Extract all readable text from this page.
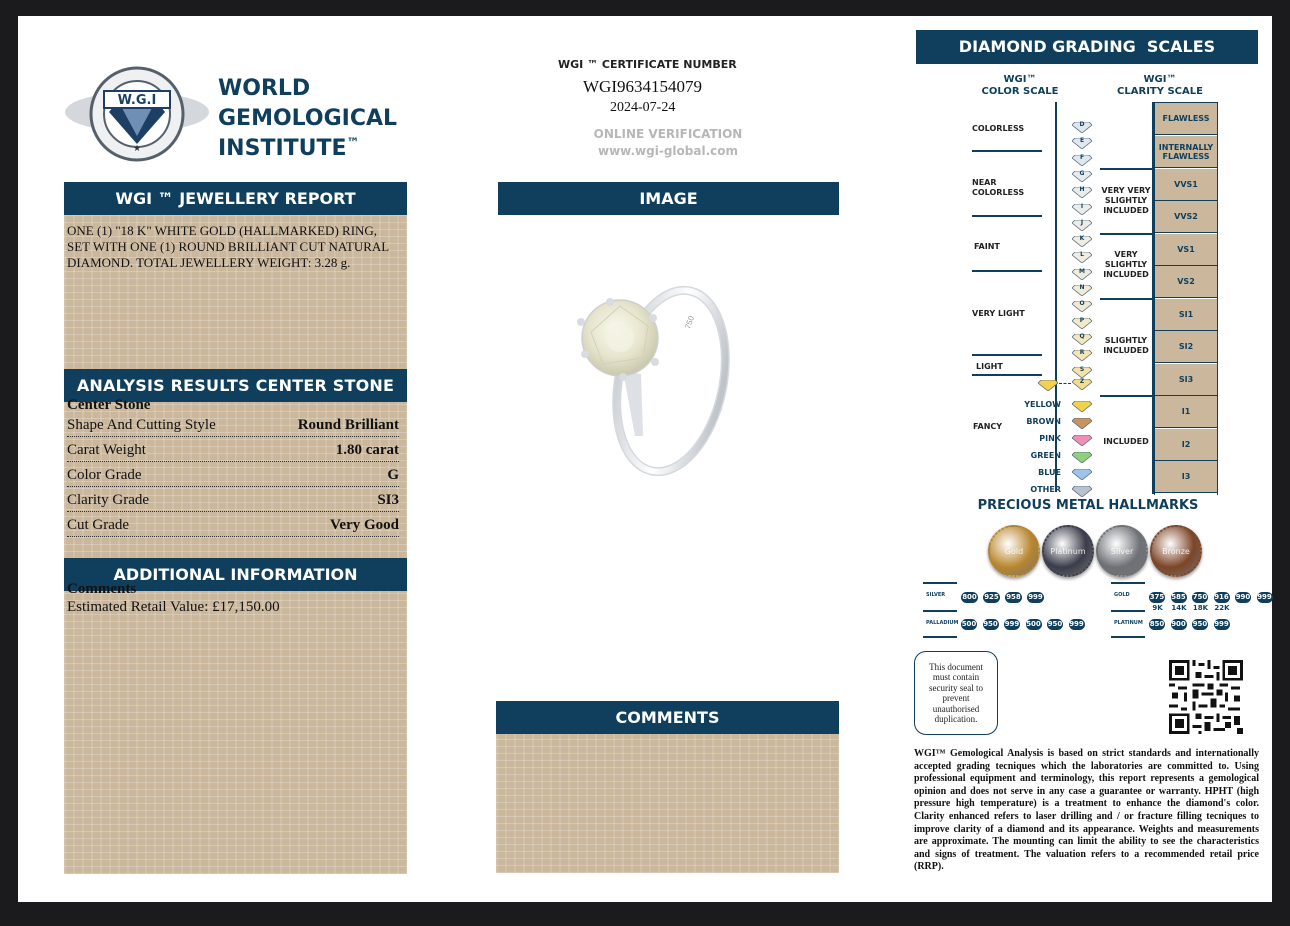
★
W.G.I	WORLD
GEMOLOGICAL
INSTITUTE™
WGI ™ JEWELLERY REPORT
ONE (1) "18 K" WHITE GOLD (HALLMARKED) RING, SET WITH ONE (1) ROUND BRILLIANT CUT NATURAL DIAMOND. TOTAL JEWELLERY WEIGHT: 3.28 g.
ANALYSIS RESULTS CENTER STONE
Center Stone
Shape And Cutting Style	Round Brilliant
Carat Weight	1.80 carat
Color Grade	G
Clarity Grade	SI3
Cut Grade	Very Good
ADDITIONAL INFORMATION
Comments
Estimated Retail Value: £17,150.00
WGI ™ CERTIFICATE NUMBER
WGI9634154079
2024-07-24
ONLINE VERIFICATION
www.wgi-global.com
IMAGE
750
COMMENTS
DIAMOND GRADING  SCALES
WGI™
COLOR SCALE
WGI™
CLARITY SCALE
COLORLESS
NEAR COLORLESS
FAINT
VERY LIGHT
LIGHT
FANCY
D
E
F
G
H
I
J
K
L
M
N
O
P
Q
R
S
Z
YELLOW
BROWN
PINK
GREEN
BLUE
OTHER
FLAWLESS
INTERNALLY FLAWLESS
VVS1
VVS2
VS1
VS2
SI1
SI2
SI3
I1
I2
I3
VERY VERY SLIGHTLY INCLUDED
VERY SLIGHTLY INCLUDED
SLIGHTLY INCLUDED
INCLUDED
PRECIOUS METAL HALLMARKS
Gold	Platinum	Silver	Bronze
SILVER 800 925 958 999	GOLD	375 585 750 916 990 999
9K	14K 18K 22K
PALLADIUM 500 950 999 500 950 999	PLATINUM 850 900 950 999
This document must contain security seal to prevent unauthorised duplication.
WGI™ Gemological Analysis is based on strict standards and internationally accepted grading tecniques which the laboratories are committed to. Using professional equipment and terminology, this report represents a gemological opinion and does not serve in any case a guarantee or warranty. HPHT (high pressure high temperature) is a treatment to enhance the diamond's color. Clarity enhanced refers to laser drilling and / or fracture filling tecniques to improve clarity of a diamond and its appearance. Weights and measurements are approximate. The mounting can limit the ability to see the characteristics and signs of treatment. The valuation refers to a recommended retail price (RRP).
